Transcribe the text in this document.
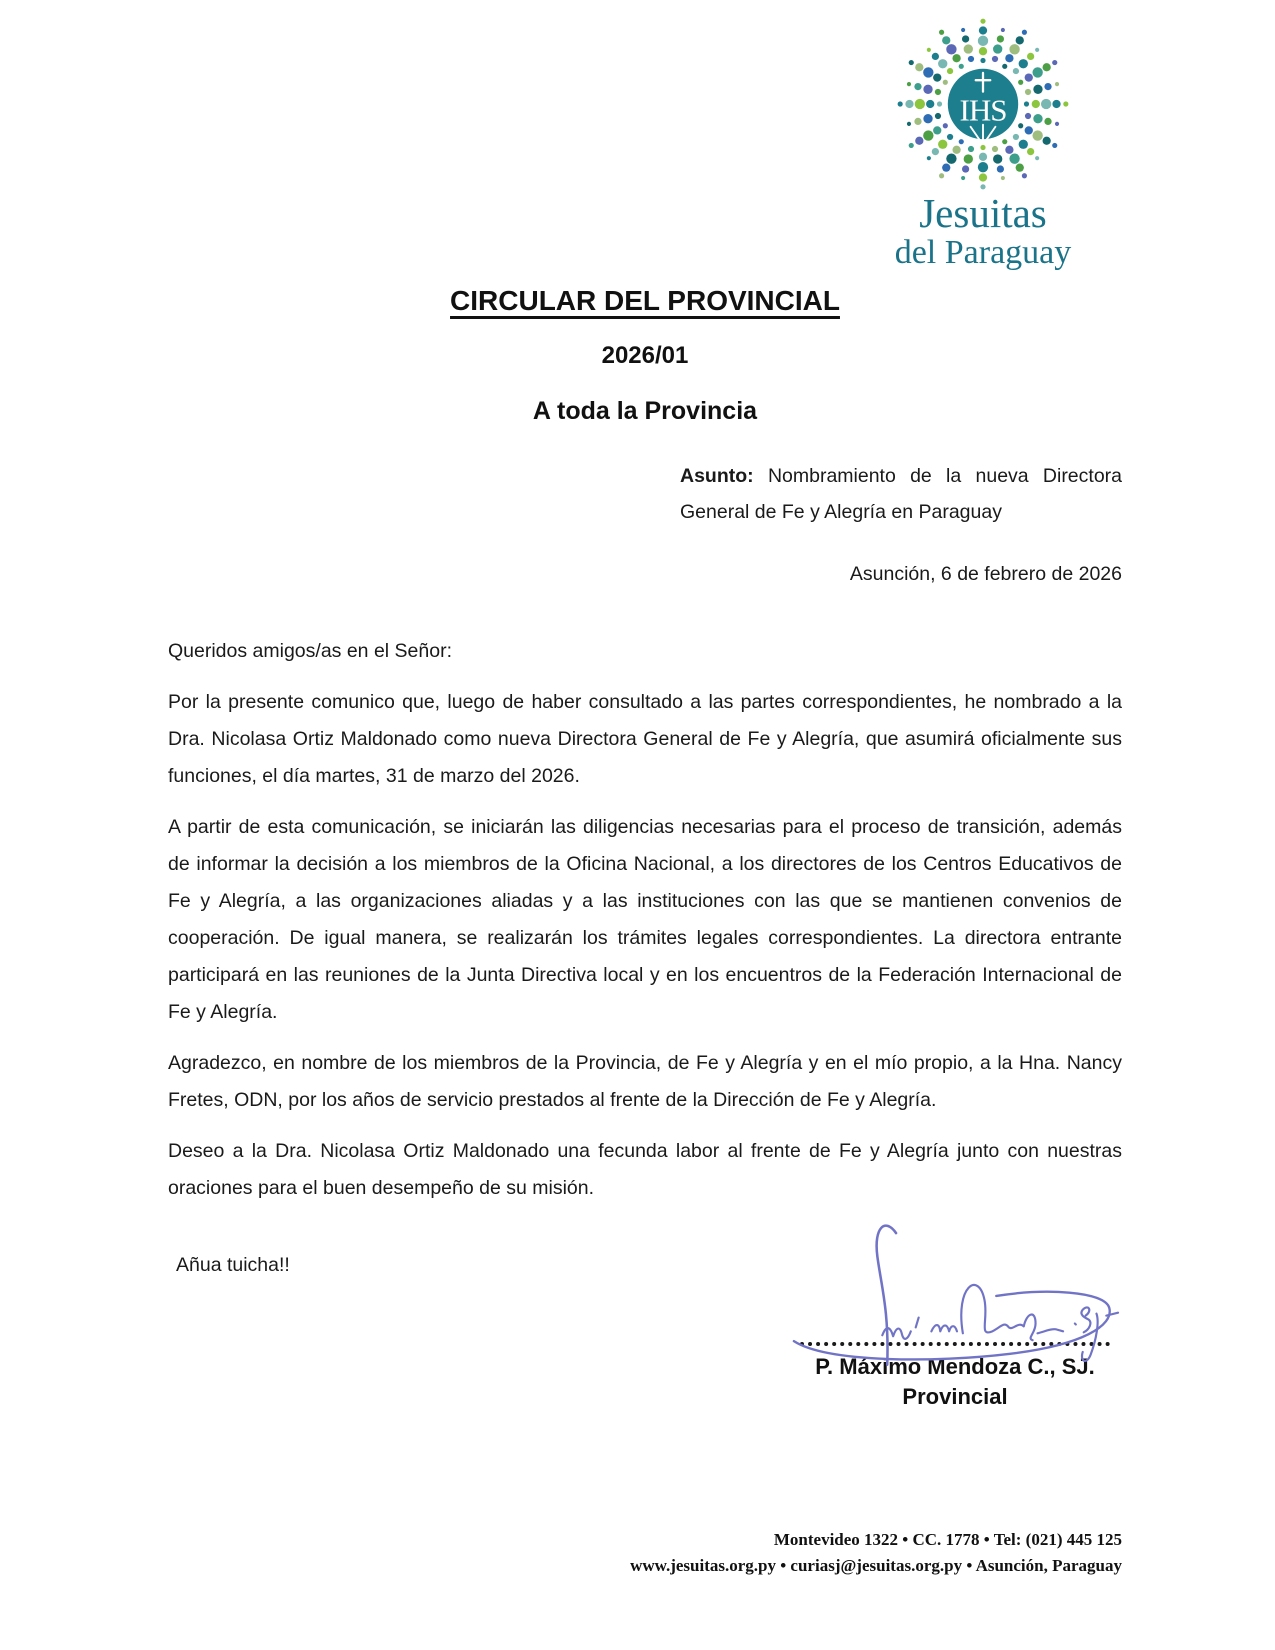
IHS
Jesuitas
del Paraguay
CIRCULAR DEL PROVINCIAL
2026/01
A toda la Provincia
Asunto: Nombramiento de la nueva Directora General de Fe y Alegría en Paraguay
Asunción, 6 de febrero de 2026
Queridos amigos/as en el Señor:

Por la presente comunico que, luego de haber consultado a las partes correspondientes, he nombrado a la Dra. Nicolasa Ortiz Maldonado como nueva Directora General de Fe y Alegría, que asumirá oficialmente sus funciones, el día martes, 31 de marzo del 2026.

A partir de esta comunicación, se iniciarán las diligencias necesarias para el proceso de transición, además de informar la decisión a los miembros de la Oficina Nacional, a los directores de los Centros Educativos de Fe y Alegría, a las organizaciones aliadas y a las instituciones con las que se mantienen convenios de cooperación. De igual manera, se realizarán los trámites legales correspondientes. La directora entrante participará en las reuniones de la Junta Directiva local y en los encuentros de la Federación Internacional de Fe y Alegría.

Agradezco, en nombre de los miembros de la Provincia, de Fe y Alegría y en el mío propio, a la Hna. Nancy Fretes, ODN, por los años de servicio prestados al frente de la Dirección de Fe y Alegría.

Deseo a la Dra. Nicolasa Ortiz Maldonado una fecunda labor al frente de Fe y Alegría junto con nuestras oraciones para el buen desempeño de su misión.

Añua tuicha!!
P. Máximo Mendoza C., SJ.
Provincial
Montevideo 1322 • CC. 1778 • Tel: (021) 445 125
www.jesuitas.org.py • curiasj@jesuitas.org.py • Asunción, Paraguay
